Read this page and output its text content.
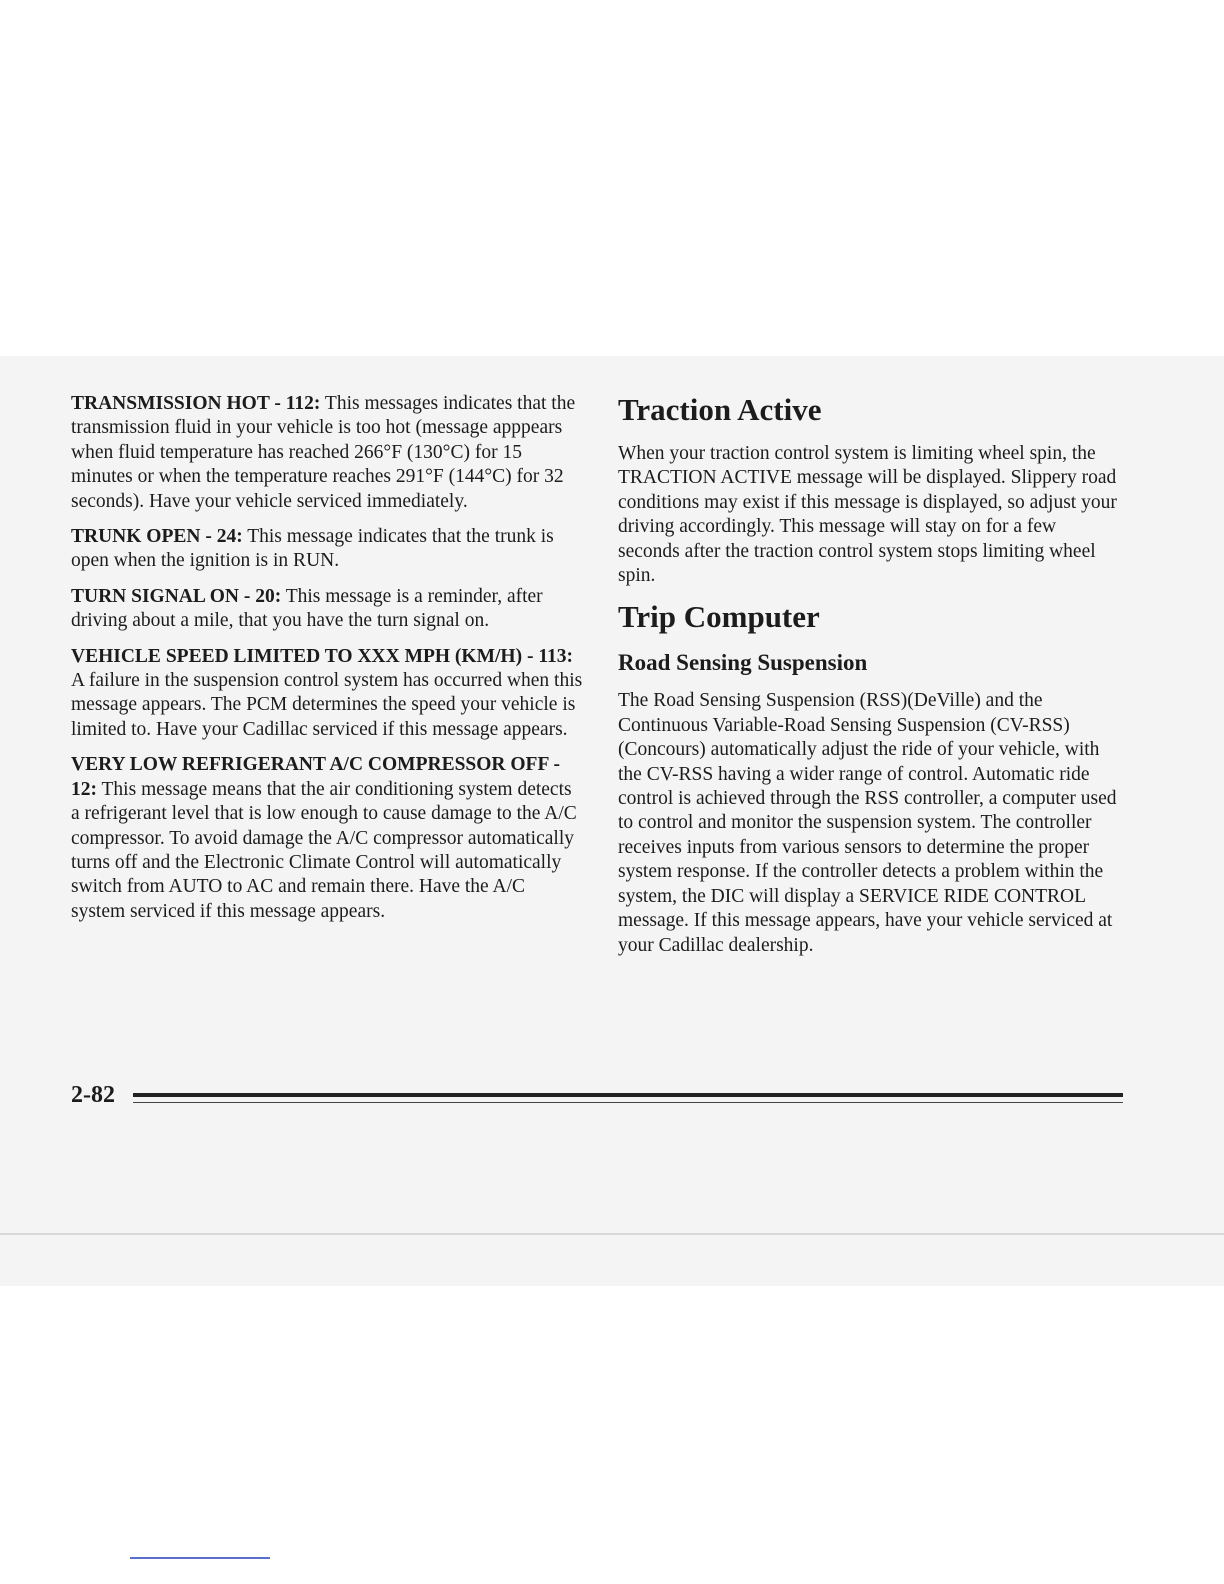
TRANSMISSION HOT - 112: This messages indicates that the transmission fluid in your vehicle is too hot (message apppears when fluid temperature has reached 266°F (130°C) for 15 minutes or when the temperature reaches 291°F (144°C) for 32 seconds). Have your vehicle serviced immediately.

TRUNK OPEN - 24: This message indicates that the trunk is open when the ignition is in RUN.

TURN SIGNAL ON - 20: This message is a reminder, after driving about a mile, that you have the turn signal on.

VEHICLE SPEED LIMITED TO XXX MPH (KM/H) - 113: A failure in the suspension control system has occurred when this message appears. The PCM determines the speed your vehicle is limited to. Have your Cadillac serviced if this message appears.

VERY LOW REFRIGERANT A/C COMPRESSOR OFF - 12: This message means that the air conditioning system detects a refrigerant level that is low enough to cause damage to the A/C compressor. To avoid damage the A/C compressor automatically turns off and the Electronic Climate Control will automatically switch from AUTO to AC and remain there. Have the A/C system serviced if this message appears.

Traction Active

When your traction control system is limiting wheel spin, the TRACTION ACTIVE message will be displayed. Slippery road conditions may exist if this message is displayed, so adjust your driving accordingly. This message will stay on for a few seconds after the traction control system stops limiting wheel spin.

Trip Computer
Road Sensing Suspension

The Road Sensing Suspension (RSS)(DeVille) and the Continuous Variable-Road Sensing Suspension (CV-RSS)(Concours) automatically adjust the ride of your vehicle, with the CV-RSS having a wider range of control. Automatic ride control is achieved through the RSS controller, a computer used to control and monitor the suspension system. The controller receives inputs from various sensors to determine the proper system response. If the controller detects a problem within the system, the DIC will display a SERVICE RIDE CONTROL message. If this message appears, have your vehicle serviced at your Cadillac dealership.

2-82
